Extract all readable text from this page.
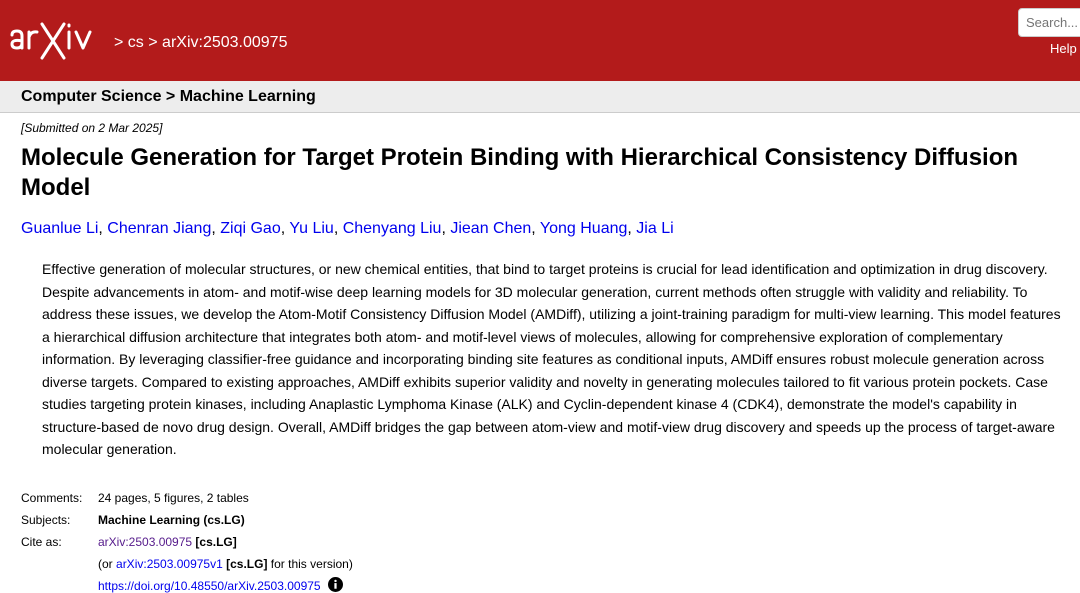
> cs > arXiv:2503.00975
Search...
Help
Computer Science > Machine Learning
[Submitted on 2 Mar 2025]
Molecule Generation for Target Protein Binding with Hierarchical Consistency Diffusion Model
Guanlue Li, Chenran Jiang, Ziqi Gao, Yu Liu, Chenyang Liu, Jiean Chen, Yong Huang, Jia Li
Effective generation of molecular structures, or new chemical entities, that bind to target proteins is crucial for lead identification and optimization in drug discovery. Despite advancements in atom- and motif-wise deep learning models for 3D molecular generation, current methods often struggle with validity and reliability. To address these issues, we develop the Atom-Motif Consistency Diffusion Model (AMDiff), utilizing a joint-training paradigm for multi-view learning. This model features a hierarchical diffusion architecture that integrates both atom- and motif-level views of molecules, allowing for comprehensive exploration of complementary information. By leveraging classifier-free guidance and incorporating binding site features as conditional inputs, AMDiff ensures robust molecule generation across diverse targets. Compared to existing approaches, AMDiff exhibits superior validity and novelty in generating molecules tailored to fit various protein pockets. Case studies targeting protein kinases, including Anaplastic Lymphoma Kinase (ALK) and Cyclin-dependent kinase 4 (CDK4), demonstrate the model's capability in structure-based de novo drug design. Overall, AMDiff bridges the gap between atom-view and motif-view drug discovery and speeds up the process of target-aware molecular generation.
Comments:	24 pages, 5 figures, 2 tables
Subjects:	Machine Learning (cs.LG)
Cite as:	arXiv:2503.00975 [cs.LG]
(or arXiv:2503.00975v1 [cs.LG] for this version)
https://doi.org/10.48550/arXiv.2503.00975
